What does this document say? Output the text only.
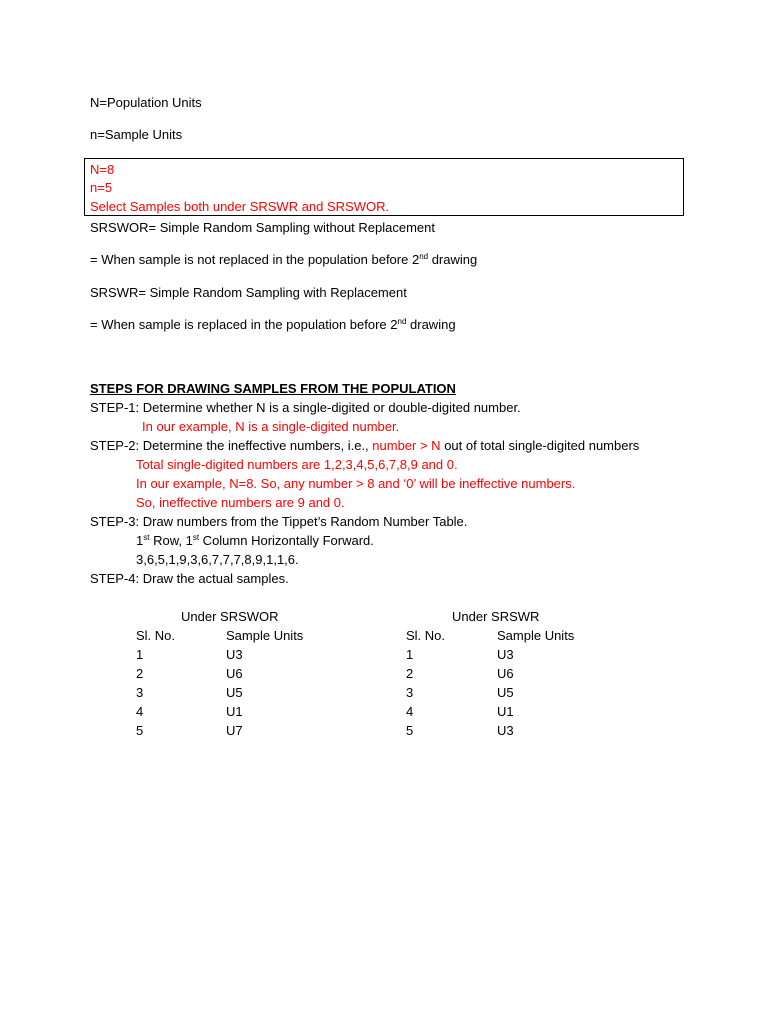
N=Population Units
n=Sample Units
N=8
n=5
Select Samples both under SRSWR and SRSWOR.
SRSWOR= Simple Random Sampling without Replacement
= When sample is not replaced in the population before 2nd drawing
SRSWR= Simple Random Sampling with Replacement
= When sample is replaced in the population before 2nd drawing
STEPS FOR DRAWING SAMPLES FROM THE POPULATION
STEP-1: Determine whether N is a single-digited or double-digited number.
In our example, N is a single-digited number.
STEP-2: Determine the ineffective numbers, i.e., number > N out of total single-digited numbers
Total single-digited numbers are 1,2,3,4,5,6,7,8,9 and 0.
In our example, N=8. So, any number > 8 and ‘0’ will be ineffective numbers.
So, ineffective numbers are 9 and 0.
STEP-3: Draw numbers from the Tippet’s Random Number Table.
1st Row, 1st Column Horizontally Forward.
3,6,5,1,9,3,6,7,7,7,8,9,1,1,6.
STEP-4: Draw the actual samples.
Under SRSWOR
Sl. No.	Sample Units
1	U3
2	U6
3	U5
4	U1
5	U7
Under SRSWR
Sl. No.	Sample Units
1	U3
2	U6
3	U5
4	U1
5	U3
